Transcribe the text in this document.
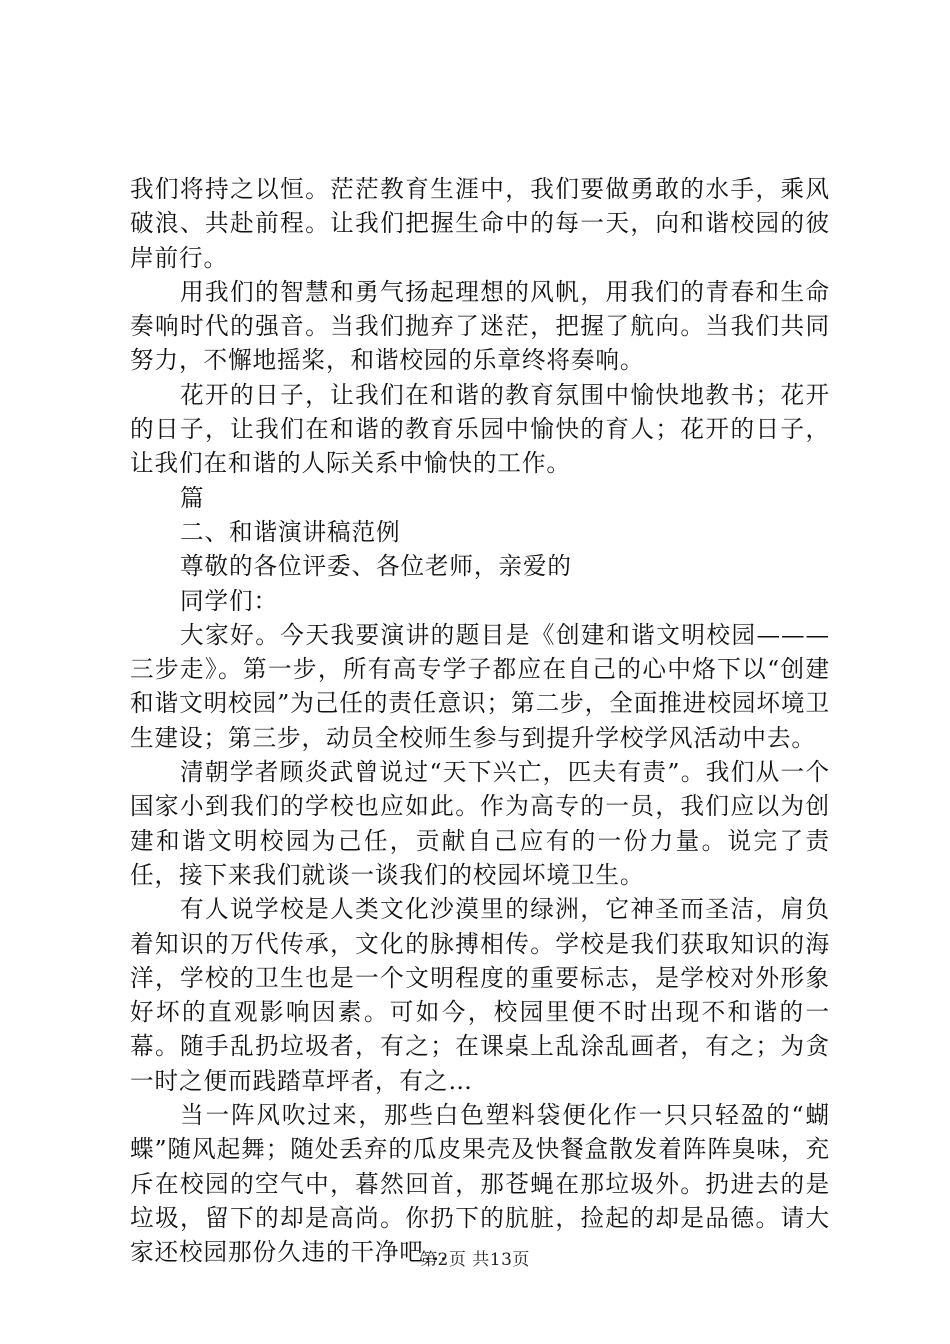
我们将持之以恒。茫茫教育生涯中，我们要做勇敢的水手，乘风破浪、共赴前程。让我们把握生命中的每一天，向和谐校园的彼岸前行。

用我们的智慧和勇气扬起理想的风帆，用我们的青春和生命奏响时代的强音。当我们抛弃了迷茫，把握了航向。当我们共同努力，不懈地摇桨，和谐校园的乐章终将奏响。

花开的日子，让我们在和谐的教育氛围中愉快地教书；花开的日子，让我们在和谐的教育乐园中愉快的育人；花开的日子，让我们在和谐的人际关系中愉快的工作。

篇

二、和谐演讲稿范例

尊敬的各位评委、各位老师，亲爱的

同学们：

大家好。今天我要演讲的题目是《创建和谐文明校园———三步走》。第一步，所有高专学子都应在自己的心中烙下以“创建和谐文明校园”为己任的责任意识；第二步，全面推进校园坏境卫生建设；第三步，动员全校师生参与到提升学校学风活动中去。

清朝学者顾炎武曾说过“天下兴亡，匹夫有责”。我们从一个国家小到我们的学校也应如此。作为高专的一员，我们应以为创建和谐文明校园为己任，贡献自己应有的一份力量。说完了责任，接下来我们就谈一谈我们的校园坏境卫生。

有人说学校是人类文化沙漠里的绿洲，它神圣而圣洁，肩负着知识的万代传承，文化的脉搏相传。学校是我们获取知识的海洋，学校的卫生也是一个文明程度的重要标志，是学校对外形象好坏的直观影响因素。可如今，校园里便不时出现不和谐的一幕。随手乱扔垃圾者，有之；在课桌上乱涂乱画者，有之；为贪一时之便而践踏草坪者，有之…

当一阵风吹过来，那些白色塑料袋便化作一只只轻盈的“蝴蝶”随风起舞；随处丢弃的瓜皮果壳及快餐盒散发着阵阵臭味，充斥在校园的空气中，暮然回首，那苍蝇在那垃圾外。扔进去的是垃圾，留下的却是高尚。你扔下的肮脏，捡起的却是品德。请大家还校园那份久违的干净吧…

第2页 共13页
